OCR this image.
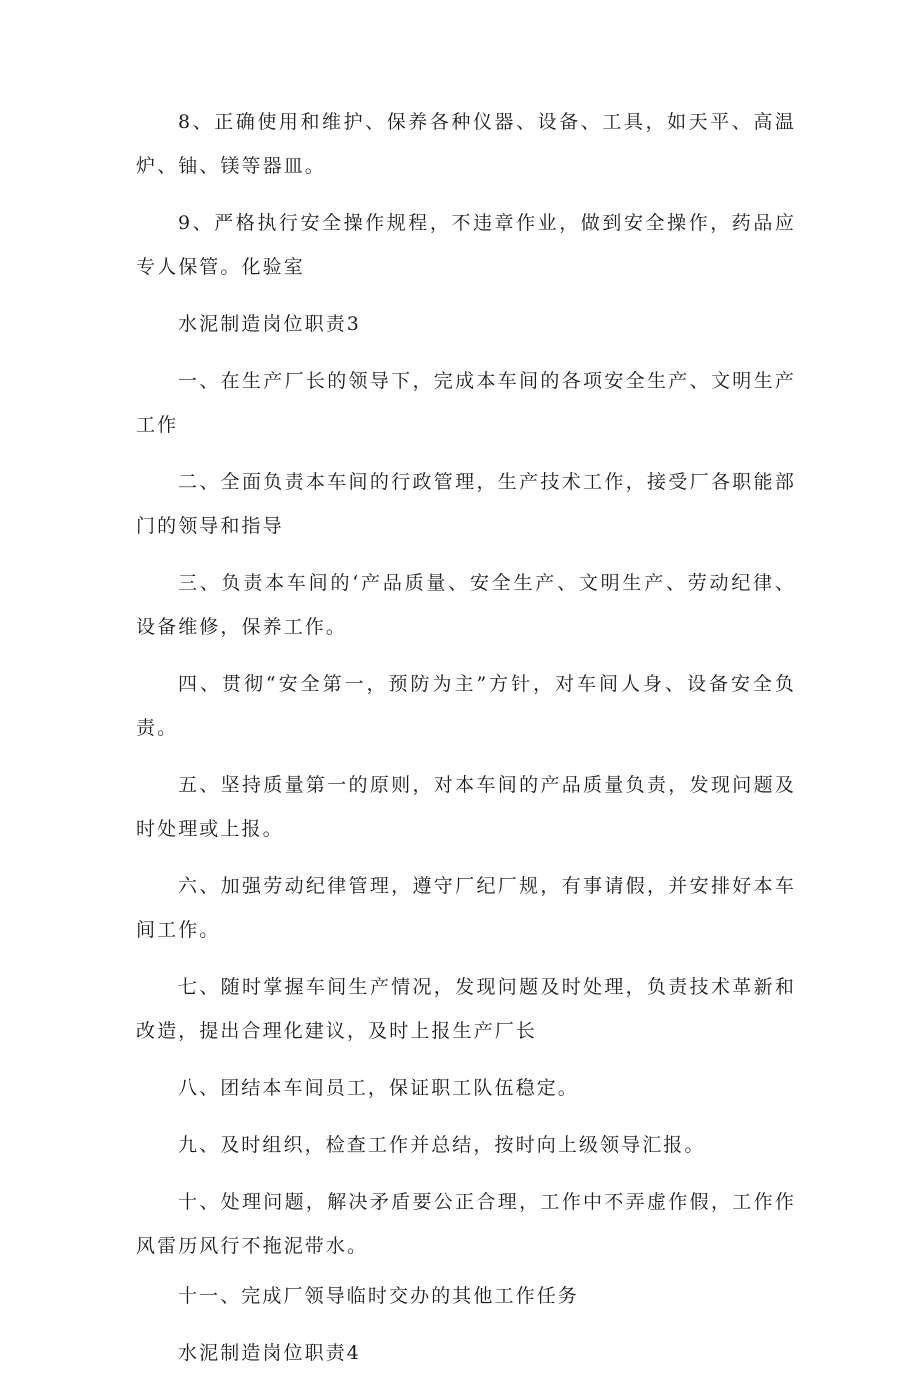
8、正确使用和维护、保养各种仪器、设备、工具，如天平、高温炉、铀、镁等器皿。

9、严格执行安全操作规程，不违章作业，做到安全操作，药品应专人保管。化验室

水泥制造岗位职责3

一、在生产厂长的领导下，完成本车间的各项安全生产、文明生产工作

二、全面负责本车间的行政管理，生产技术工作，接受厂各职能部门的领导和指导

三、负责本车间的‘产品质量、安全生产、文明生产、劳动纪律、设备维修，保养工作。

四、贯彻“安全第一，预防为主”方针，对车间人身、设备安全负责。

五、坚持质量第一的原则，对本车间的产品质量负责，发现问题及时处理或上报。

六、加强劳动纪律管理，遵守厂纪厂规，有事请假，并安排好本车间工作。

七、随时掌握车间生产情况，发现问题及时处理，负责技术革新和改造，提出合理化建议，及时上报生产厂长

八、团结本车间员工，保证职工队伍稳定。

九、及时组织，检查工作并总结，按时向上级领导汇报。

十、处理问题，解决矛盾要公正合理，工作中不弄虚作假，工作作风雷历风行不拖泥带水。

十一、完成厂领导临时交办的其他工作任务

水泥制造岗位职责4
